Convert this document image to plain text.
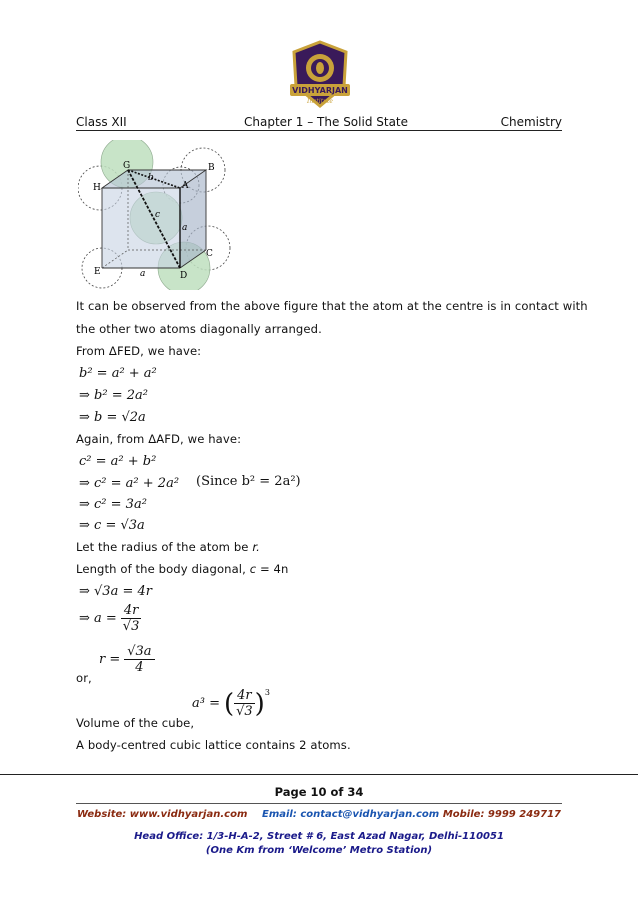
VIDHYARJAN
Institute
Class XII	Chapter 1 – The Solid State	Chemistry
G	B
H
b
A
c
a
E	a	D
C
It can be observed from the above figure that the atom at the centre is in contact with
the other two atoms diagonally arranged.
From ΔFED, we have:
b² = a² + a²
⇒ b² = 2a²
⇒ b = √2a
Again, from ΔAFD, we have:
c² = a² + b²
⇒ c² = a² + 2a² (Since b² = 2a²)
⇒ c² = 3a²
⇒ c = √3a
Let the radius of the atom be r.
Length of the body diagonal, c = 4n
⇒ √3a = 4r
⇒ $a = \frac{4r}{√3}$
$r = \frac{√3a}{4}$
or,
a³ = ( $\frac{4r}{√3} )^3$
Volume of the cube,
A body-centred cubic lattice contains 2 atoms.
Page 10 of 34
Website: www.vidhyarjan.com Email: contact@vidhyarjan.com Mobile: 9999 249717
Head Office: 1/3-H-A-2, Street # 6, East Azad Nagar, Delhi-110051
(One Km from ‘Welcome’ Metro Station)
